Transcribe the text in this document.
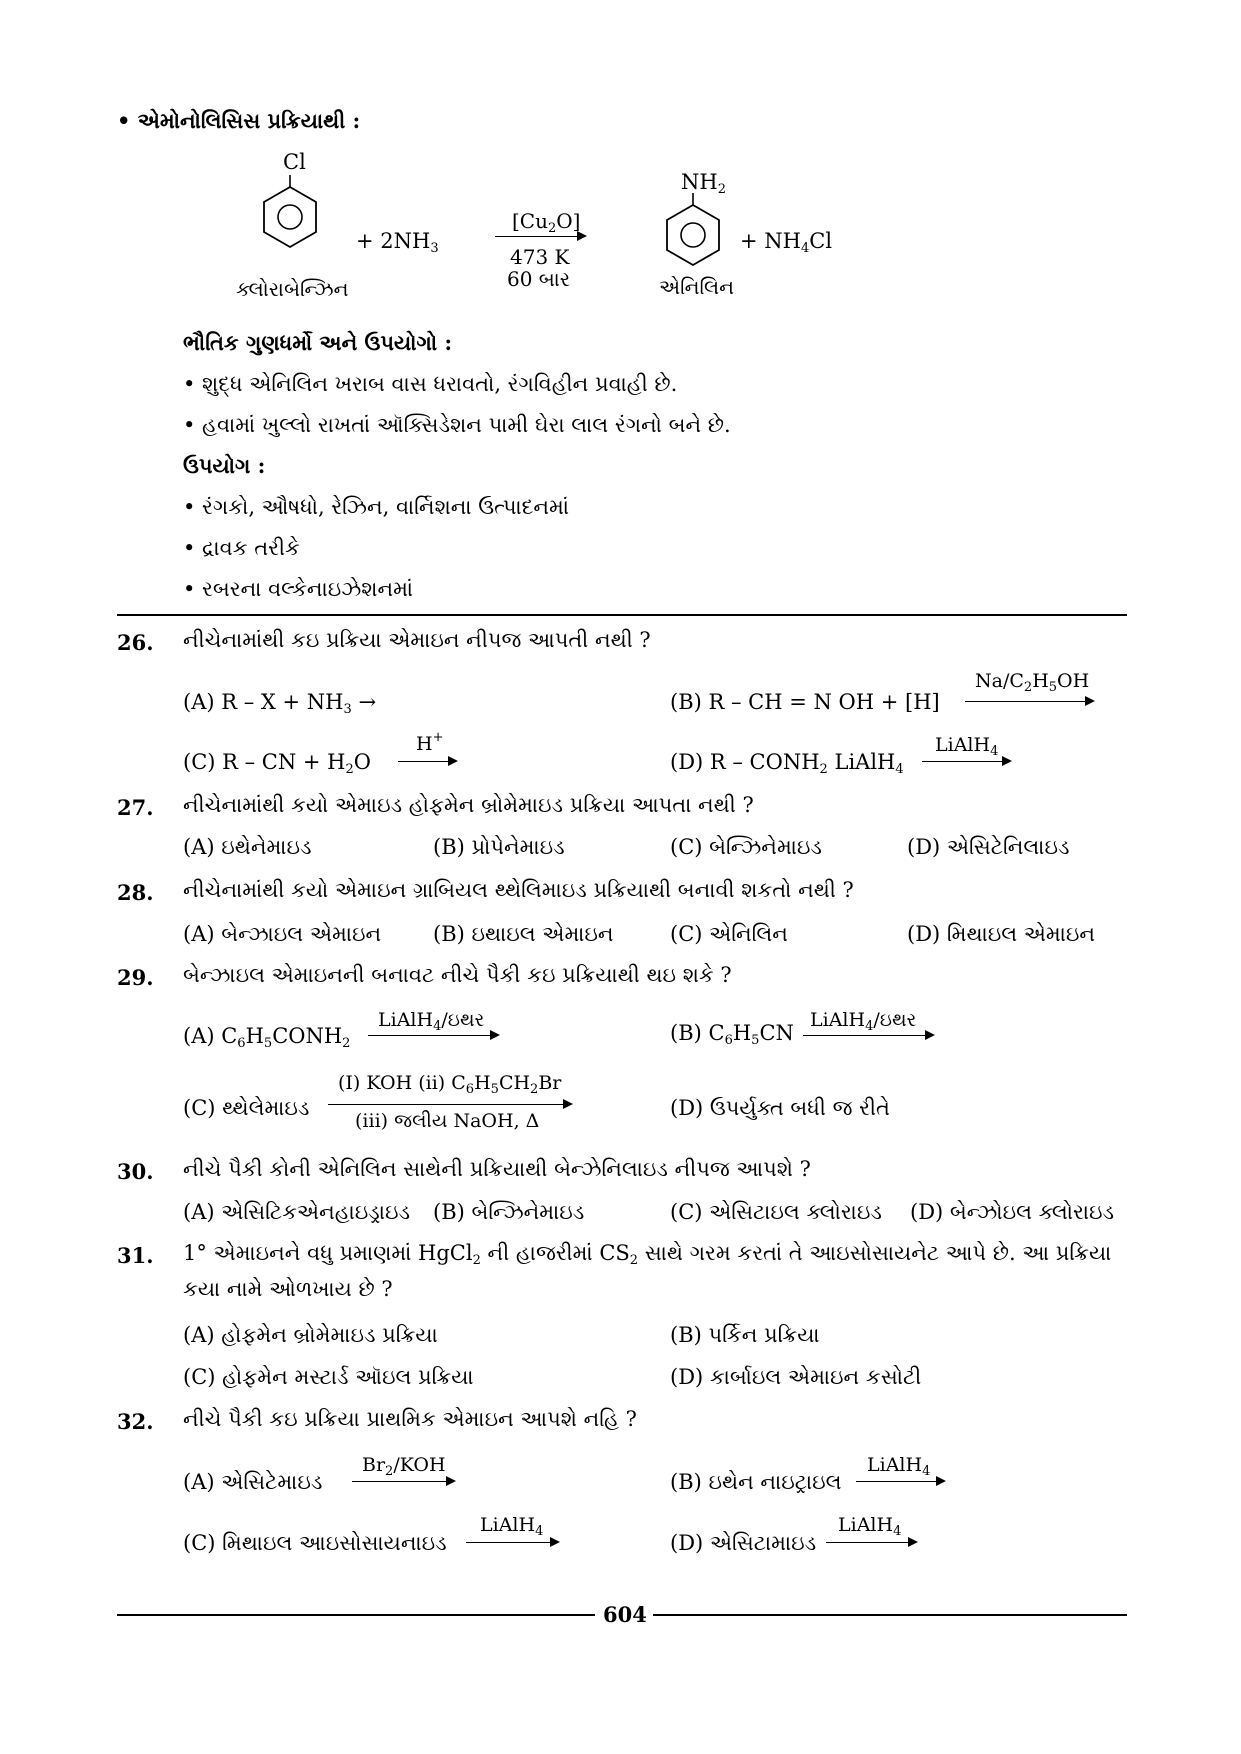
• એમોનોલિસિસ પ્રક્રિયાથી :
Cl
ક્લોરાબેન્ઝિન
+ $2NH_3$
$[Cu_2O]$
473 K
60 બાર
$NH_2$
એનિલિન
+ $NH_4Cl$
ભૌતિક ગુણધર્મો અને ઉપયોગો :
• શુદ્ધ એનિલિન ખરાબ વાસ ધરાવતો, રંગવિહીન પ્રવાહી છે.
• હવામાં ખુલ્લો રાખતાં ઑક્સિડેશન પામી ઘેરા લાલ રંગનો બને છે.
ઉપયોગ :
• રંગકો, ઔષધો, રેઝિન, વાર્નિશના ઉત્પાદનમાં
• દ્રાવક તરીકે
• રબરના વલ્કેનાઇઝેશનમાં
26. નીચેનામાંથી કઇ પ્રક્રિયા એમાઇન નીપજ આપતી નથી ?
(A) $R - X + NH_3$ →	(B) R – CH = N OH + [H]
$Na/C_2H_5OH$
(C) R – CN + $H_2O$
H+
(D) R – $CONH_2$ LiAlH$_4$
LiAlH$_4$
27. નીચેનામાંથી કયો એમાઇડ હોફમેન બ્રોમેમાઇડ પ્રક્રિયા આપતા નથી ?
(A) ઇથેનેમાઇડ	(B) પ્રોપેનેમાઇડ	(C) બેન્ઝિનેમાઇડ	(D) એસિટેનિલાઇડ
28. નીચેનામાંથી કયો એમાઇન ગ્રાબિયલ થ્થેલિમાઇડ પ્રક્રિયાથી બનાવી શકતો નથી ?
(A) બેન્ઝાઇલ એમાઇન (B) ઇથાઇલ એમાઇન	(C) એનિલિન	(D) મિથાઇલ એમાઇન
29. બેન્ઝાઇલ એમાઇનની બનાવટ નીચે પૈકી કઇ પ્રક્રિયાથી થઇ શકે ?
(A) $C_6H_5CONH_2$
LiAlH$_4$/ઇથર
(B) $C_6H_5CN$
LiAlH$_4$/ઇથર
(C) થ્થેલેમાઇડ
(I) KOH (ii) $C_6H_5CH_2Br$
(iii) જલીય NaOH, Δ
(D) ઉપર્યુક્ત બધી જ રીતે
30. નીચે પૈકી કોની એનિલિન સાથેની પ્રક્રિયાથી બેન્ઝેનિલાઇડ નીપજ આપશે ?
(A) એસિટિકએનહાઇડ્રાઇડ (B) બેન્ઝિનેમાઇડ	(C) એસિટાઇલ ક્લોરાઇડ (D) બેન્ઝોઇલ ક્લોરાઇડ
31. 1° એમાઇનને વધુ પ્રમાણમાં HgCl$_2$ ની હાજરીમાં $CS_2$ સાથે ગરમ કરતાં તે આઇસોસાયનેટ આપે છે. આ પ્રક્રિયા
કયા નામે ઓળખાય છે ?
(A) હોફમેન બ્રોમેમાઇડ પ્રક્રિયા	(B) પર્કિન પ્રક્રિયા
(C) હોફમેન મસ્ટાર્ડ ઑઇલ પ્રક્રિયા	(D) કાર્બાઇલ એમાઇન કસોટી
32. નીચે પૈકી કઇ પ્રક્રિયા પ્રાથમિક એમાઇન આપશે નહિ ?
(A) એસિટેમાઇડ
$Br_2$/KOH
(B) ઇથેન નાઇટ્રાઇલ
LiAlH$_4$
(C) મિથાઇલ આઇસોસાયનાઇડ
LiAlH$_4$	(D) એસિટામાઇડ
LiAlH$_4$
604
